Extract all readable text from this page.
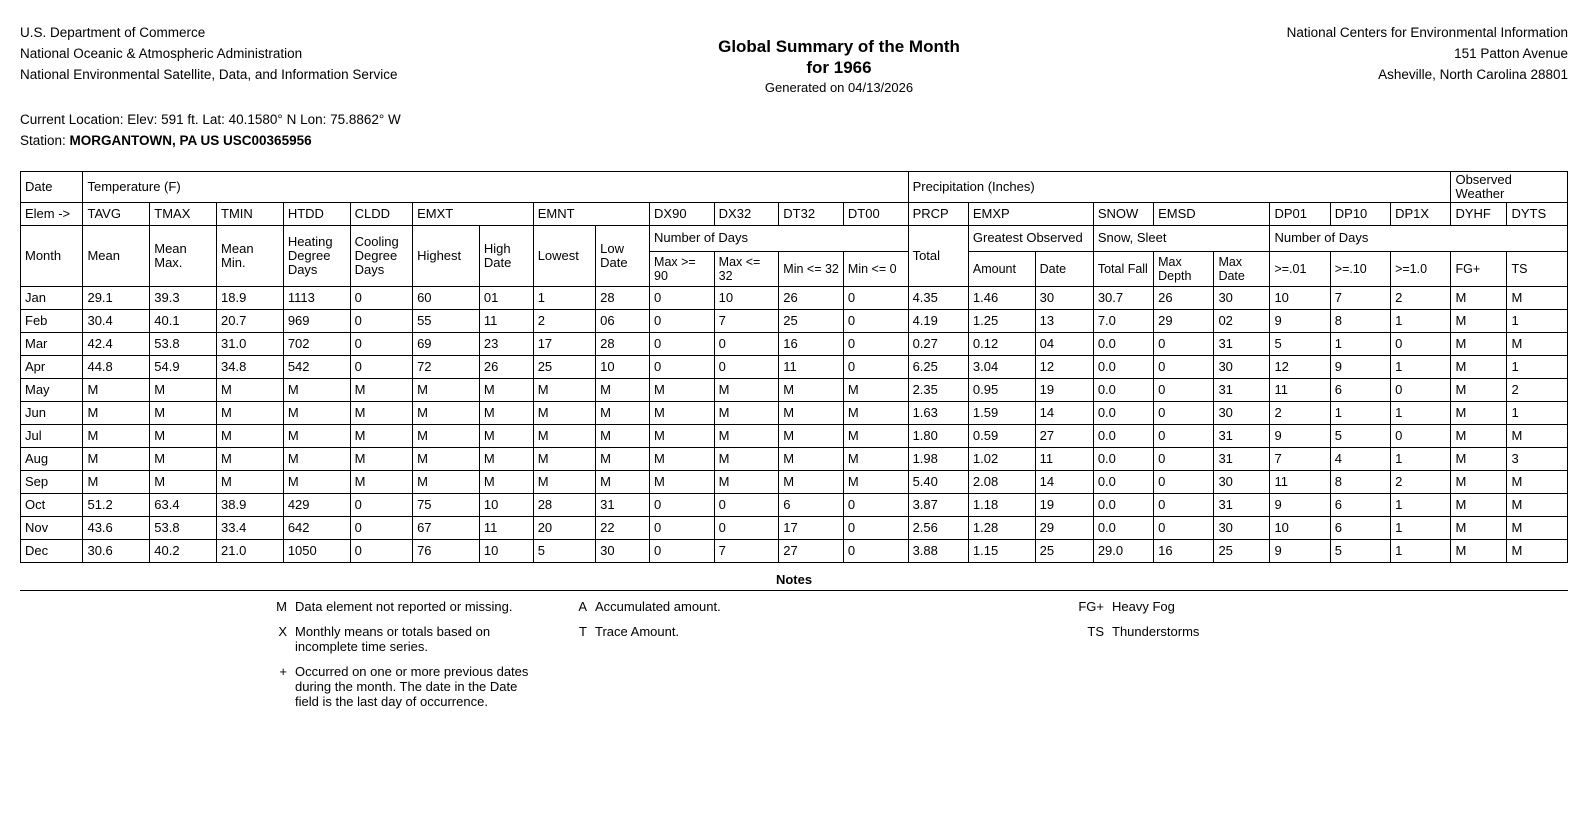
U.S. Department of Commerce
National Oceanic & Atmospheric Administration
National Environmental Satellite, Data, and Information Service
Global Summary of the Month
for 1966
Generated on 04/13/2026
National Centers for Environmental Information
151 Patton Avenue
Asheville, North Carolina 28801
Current Location: Elev: 591 ft. Lat: 40.1580° N Lon: 75.8862° W
Station: MORGANTOWN, PA US USC00365956
Date	Temperature (F)													Precipitation (Inches)									Observed Weather	
Elem ->	TAVG	TMAX	TMIN	HTDD	CLDD	EMXT		EMNT		DX90	DX32	DT32	DT00	PRCP	EMXP		SNOW	EMSD		DP01	DP10	DP1X	DYHF	DYTS
Month	Mean	Mean Max.	Mean Min.	Heating Degree Days	Cooling Degree Days	Highest	High Date	Lowest	Low Date	Number of Days				Total	Greatest Observed		Snow, Sleet			Number of Days				
										Max >= 90	Max <= 32	Min <= 32	Min <= 0		Amount	Date	Total Fall	Max Depth	Max Date	>=.01	>=.10	>=1.0	FG+	TS
Jan	29.1	39.3	18.9	1113	0	60	01	1	28	0	10	26	0	4.35	1.46	30	30.7	26	30	10	7	2	M	M
Feb	30.4	40.1	20.7	969	0	55	11	2	06	0	7	25	0	4.19	1.25	13	7.0	29	02	9	8	1	M	1
Mar	42.4	53.8	31.0	702	0	69	23	17	28	0	0	16	0	0.27	0.12	04	0.0	0	31	5	1	0	M	M
Apr	44.8	54.9	34.8	542	0	72	26	25	10	0	0	11	0	6.25	3.04	12	0.0	0	30	12	9	1	M	1
May	M	M	M	M	M	M	M	M	M	M	M	M	M	2.35	0.95	19	0.0	0	31	11	6	0	M	2
Jun	M	M	M	M	M	M	M	M	M	M	M	M	M	1.63	1.59	14	0.0	0	30	2	1	1	M	1
Jul	M	M	M	M	M	M	M	M	M	M	M	M	M	1.80	0.59	27	0.0	0	31	9	5	0	M	M
Aug	M	M	M	M	M	M	M	M	M	M	M	M	M	1.98	1.02	11	0.0	0	31	7	4	1	M	3
Sep	M	M	M	M	M	M	M	M	M	M	M	M	M	5.40	2.08	14	0.0	0	30	11	8	2	M	M
Oct	51.2	63.4	38.9	429	0	75	10	28	31	0	0	6	0	3.87	1.18	19	0.0	0	31	9	6	1	M	M
Nov	43.6	53.8	33.4	642	0	67	11	20	22	0	0	17	0	2.56	1.28	29	0.0	0	30	10	6	1	M	M
Dec	30.6	40.2	21.0	1050	0	76	10	5	30	0	7	27	0	3.88	1.15	25	29.0	16	25	9	5	1	M	M
Notes
M Data element not reported or missing.
X Monthly means or totals based on incomplete time series.
+ Occurred on one or more previous dates during the month. The date in the Date field is the last day of occurrence.
A Accumulated amount.
T Trace Amount.
FG+ Heavy Fog
TS Thunderstorms
